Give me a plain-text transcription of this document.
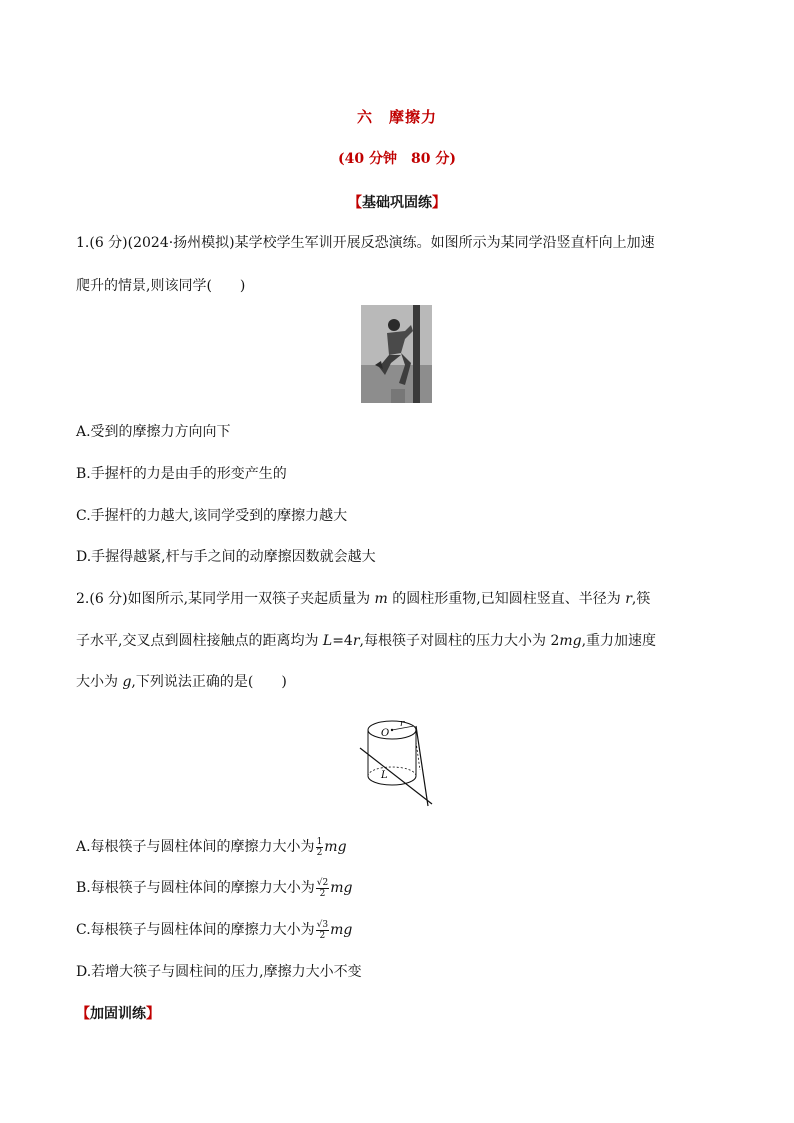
六　摩擦力
(40 分钟　80 分)
【基础巩固练】
1.(6 分)(2024·扬州模拟)某学校学生军训开展反恐演练。如图所示为某同学沿竖直杆向上加速
爬升的情景,则该同学(　　)
A.受到的摩擦力方向向下
B.手握杆的力是由手的形变产生的
C.手握杆的力越大,该同学受到的摩擦力越大
D.手握得越紧,杆与手之间的动摩擦因数就会越大
2.(6 分)如图所示,某同学用一双筷子夹起质量为 m 的圆柱形重物,已知圆柱竖直、半径为 r,筷
子水平,交叉点到圆柱接触点的距离均为 L=4r,每根筷子对圆柱的压力大小为 2mg,重力加速度
大小为 g,下列说法正确的是(　　)
O
r
L
A.每根筷子与圆柱体间的摩擦力大小为 $\frac{1}{2}$ mg
B.每根筷子与圆柱体间的摩擦力大小为 $\frac{√2}{2}$ mg
C.每根筷子与圆柱体间的摩擦力大小为 $\frac{√3}{2}$ mg
D.若增大筷子与圆柱间的压力,摩擦力大小不变
【加固训练】
